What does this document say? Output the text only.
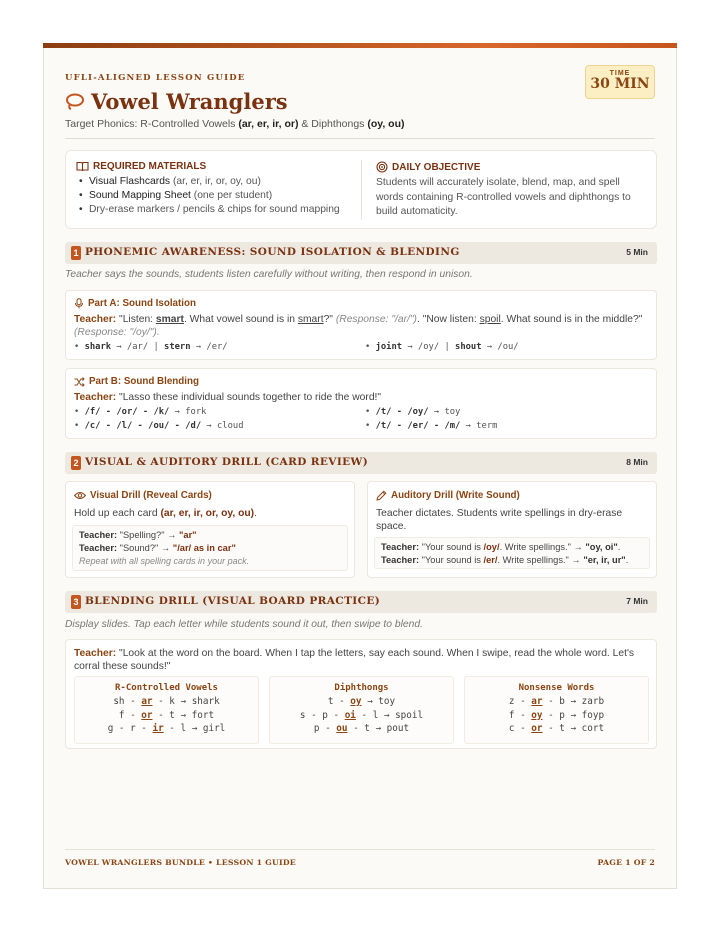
UFLI-ALIGNED LESSON GUIDE
Vowel Wranglers
Target Phonics: R-Controlled Vowels (ar, er, ir, or) & Diphthongs (oy, ou)
TIME
30 MIN
REQUIRED MATERIALS
• Visual Flashcards (ar, er, ir, or, oy, ou)
• Sound Mapping Sheet (one per student)
• Dry-erase markers / pencils & chips for sound mapping
DAILY OBJECTIVE
Students will accurately isolate, blend, map, and spell words containing R-controlled vowels and diphthongs to build automaticity.
1 PHONEMIC AWARENESS: SOUND ISOLATION & BLENDING	5 Min
Teacher says the sounds, students listen carefully without writing, then respond in unison.
Part A: Sound Isolation
Teacher: "Listen: smart. What vowel sound is in smart?" (Response: "/ar/"). "Now listen: spoil. What sound is in the middle?"
(Response: "/oy/").
• shark → /ar/ | stern → /er/	• joint → /oy/ | shout → /ou/
Part B: Sound Blending
Teacher: "Lasso these individual sounds together to ride the word!"
• /f/ - /or/ - /k/ → fork	• /t/ - /oy/ → toy
• /c/ - /l/ - /ou/ - /d/ → cloud	• /t/ - /er/ - /m/ → term
2 VISUAL & AUDITORY DRILL (CARD REVIEW)	8 Min
Visual Drill (Reveal Cards)
Hold up each card (ar, er, ir, or, oy, ou).
Teacher: "Spelling?" → "ar"
Teacher: "Sound?" → "/ar/ as in car"
Repeat with all spelling cards in your pack.
Auditory Drill (Write Sound)
Teacher dictates. Students write spellings in dry-erase space.
Teacher: "Your sound is /oy/. Write spellings." → "oy, oi".
Teacher: "Your sound is /er/. Write spellings." → "er, ir, ur".
3 BLENDING DRILL (VISUAL BOARD PRACTICE)	7 Min
Display slides. Tap each letter while students sound it out, then swipe to blend.
Teacher: "Look at the word on the board. When I tap the letters, say each sound. When I swipe, read the whole word. Let's corral these sounds!"
R-Controlled Vowels
sh - ar - k → shark
f - or - t → fort
g - r - ir - l → girl
Diphthongs
t - oy → toy
s - p - oi - l → spoil
p - ou - t → pout
Nonsense Words
z - ar - b → zarb
f - oy - p → foyp
c - or - t → cort
VOWEL WRANGLERS BUNDLE • LESSON 1 GUIDE	PAGE 1 OF 2
